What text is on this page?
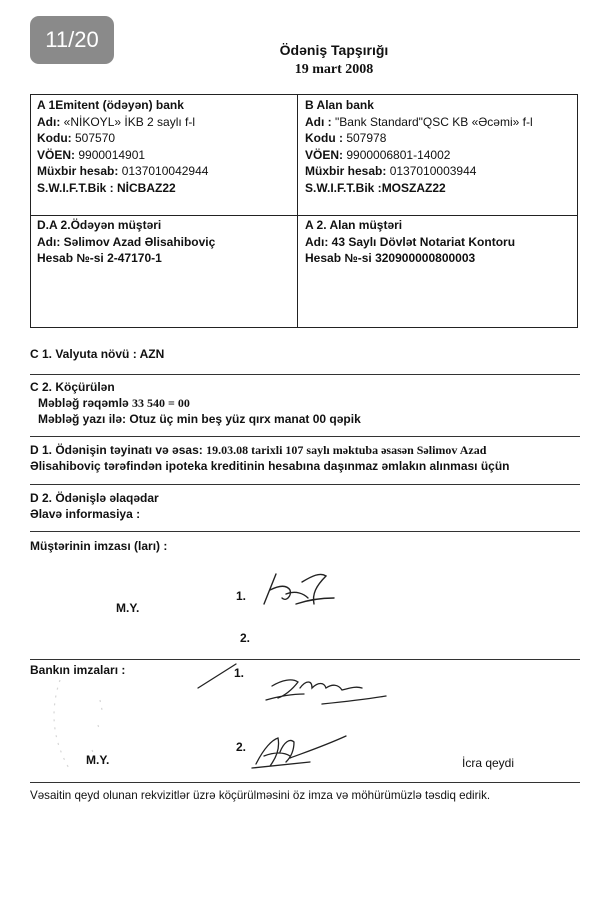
11/20	Ödəniş Tapşırığı
19 mart 2008
A 1Emitent (ödəyən) bank
Adı: «NİKOYL» İKB 2 saylı f-l
Kodu: 507570
VÖEN: 9900014901
Müxbir hesab: 0137010042944
S.W.I.F.T.Bik : NİCBAZ22
B Alan bank
Adı : "Bank Standard"QSC KB «Əcəmi» f-l
Kodu : 507978
VÖEN: 9900006801-14002
Müxbir hesab: 0137010003944
S.W.I.F.T.Bik :MOSZAZ22
D.A 2.Ödəyən müştəri
Adı: Səlimov Azad Əlisahiboviç
Hesab №-si 2-47170-1
A 2. Alan müştəri
Adı: 43 Saylı Dövlət Notariat Kontoru
Hesab №-si 320900000800003
C 1. Valyuta növü : AZN
C 2. Köçürülən
Məbləğ rəqəmlə 33 540 = 00
Məbləğ yazı ilə: Otuz üç min beş yüz qırx manat 00 qəpik
D 1. Ödənişin təyinatı və əsas: 19.03.08 tarixli 107 saylı məktuba əsasən Səlimov Azad
Əlisahiboviç tərəfindən ipoteka kreditinin hesabına daşınmaz əmlakın alınması üçün
D 2. Ödənişlə əlaqədar
Əlavə informasiya :
Müştərinin imzası (ları) :
1.
M.Y.
2.
Bankın imzaları :	1.
2.
M.Y.	İcra qeydi
Vəsaitin qeyd olunan rekvizitlər üzrə köçürülməsini öz imza və möhürümüzlə təsdiq edirik.
